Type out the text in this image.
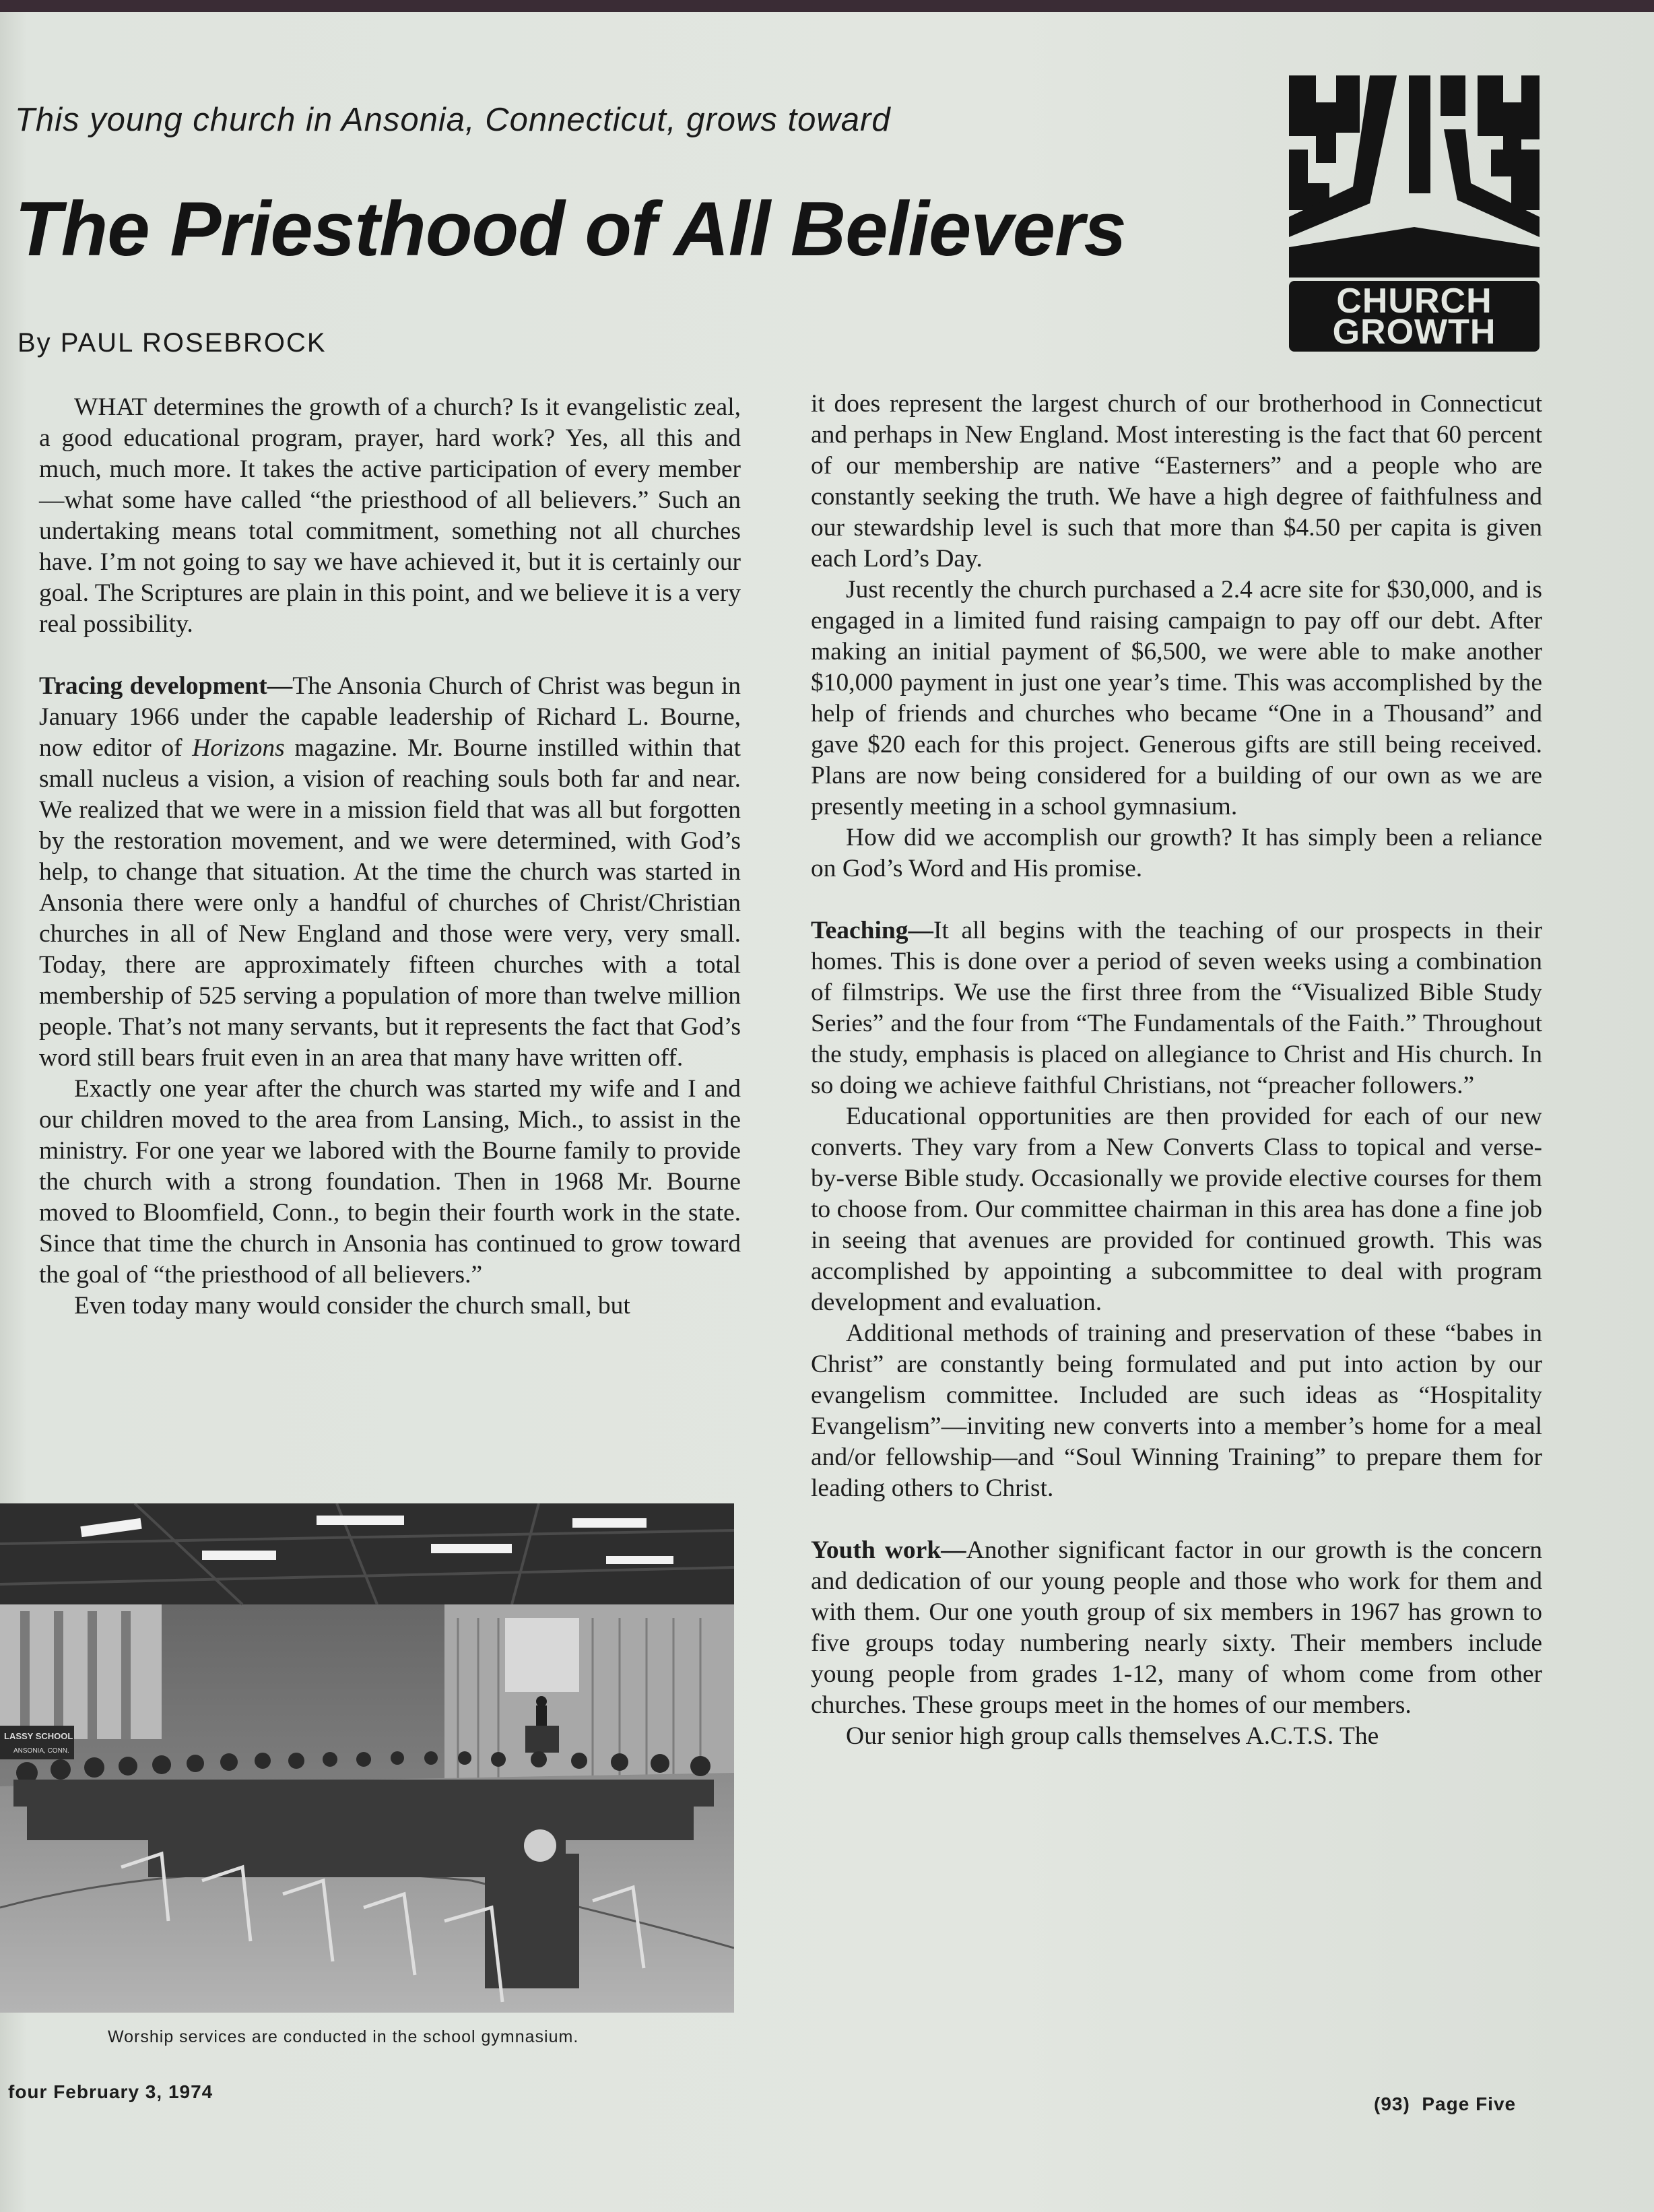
This young church in Ansonia, Connecticut, grows toward
The Priesthood of All Believers
By PAUL ROSEBROCK
CHURCH
GROWTH

WHAT determines the growth of a church? Is it evangelistic zeal, a good educational program, prayer, hard work? Yes, all this and much, much more. It takes the active participation of every member—what some have called “the priesthood of all believers.” Such an undertaking means total commitment, something not all churches have. I’m not going to say we have achieved it, but it is certainly our goal. The Scriptures are plain in this point, and we believe it is a very real possibility.

Tracing development—The Ansonia Church of Christ was begun in January 1966 under the capable leadership of Richard L. Bourne, now editor of Horizons magazine. Mr. Bourne instilled within that small nucleus a vision, a vision of reaching souls both far and near. We realized that we were in a mission field that was all but forgotten by the restoration movement, and we were determined, with God’s help, to change that situation. At the time the church was started in Ansonia there were only a handful of churches of Christ/Christian churches in all of New England and those were very, very small. Today, there are approximately fifteen churches with a total membership of 525 serving a population of more than twelve million people. That’s not many servants, but it represents the fact that God’s word still bears fruit even in an area that many have written off.

Exactly one year after the church was started my wife and I and our children moved to the area from Lansing, Mich., to assist in the ministry. For one year we labored with the Bourne family to provide the church with a strong foundation. Then in 1968 Mr. Bourne moved to Bloomfield, Conn., to begin their fourth work in the state. Since that time the church in Ansonia has continued to grow toward the goal of “the priesthood of all believers.”

Even today many would consider the church small, but

LASSY SCHOOL
ANSONIA, CONN.
Worship services are conducted in the school gymnasium.

it does represent the largest church of our brotherhood in Connecticut and perhaps in New England. Most interesting is the fact that 60 percent of our membership are native “Easterners” and a people who are constantly seeking the truth. We have a high degree of faithfulness and our stewardship level is such that more than $4.50 per capita is given each Lord’s Day.

Just recently the church purchased a 2.4 acre site for $30,000, and is engaged in a limited fund raising campaign to pay off our debt. After making an initial payment of $6,500, we were able to make another $10,000 payment in just one year’s time. This was accomplished by the help of friends and churches who became “One in a Thousand” and gave $20 each for this project. Generous gifts are still being received. Plans are now being considered for a building of our own as we are presently meeting in a school gymnasium.

How did we accomplish our growth? It has simply been a reliance on God’s Word and His promise.

Teaching—It all begins with the teaching of our prospects in their homes. This is done over a period of seven weeks using a combination of filmstrips. We use the first three from the “Visualized Bible Study Series” and the four from “The Fundamentals of the Faith.” Throughout the study, emphasis is placed on allegiance to Christ and His church. In so doing we achieve faithful Christians, not “preacher followers.”

Educational opportunities are then provided for each of our new converts. They vary from a New Converts Class to topical and verse-by-verse Bible study. Occasionally we provide elective courses for them to choose from. Our committee chairman in this area has done a fine job in seeing that avenues are provided for continued growth. This was accomplished by appointing a subcommittee to deal with program development and evaluation.

Additional methods of training and preservation of these “babes in Christ” are constantly being formulated and put into action by our evangelism committee. Included are such ideas as “Hospitality Evangelism”—inviting new converts into a member’s home for a meal and/or fellowship—and “Soul Winning Training” to prepare them for leading others to Christ.

Youth work—Another significant factor in our growth is the concern and dedication of our young people and those who work for them and with them. Our one youth group of six members in 1967 has grown to five groups today numbering nearly sixty. Their members include young people from grades 1-12, many of whom come from other churches. These groups meet in the homes of our members.

Our senior high group calls themselves A.C.T.S. The

four February 3, 1974
(93) Page Five
